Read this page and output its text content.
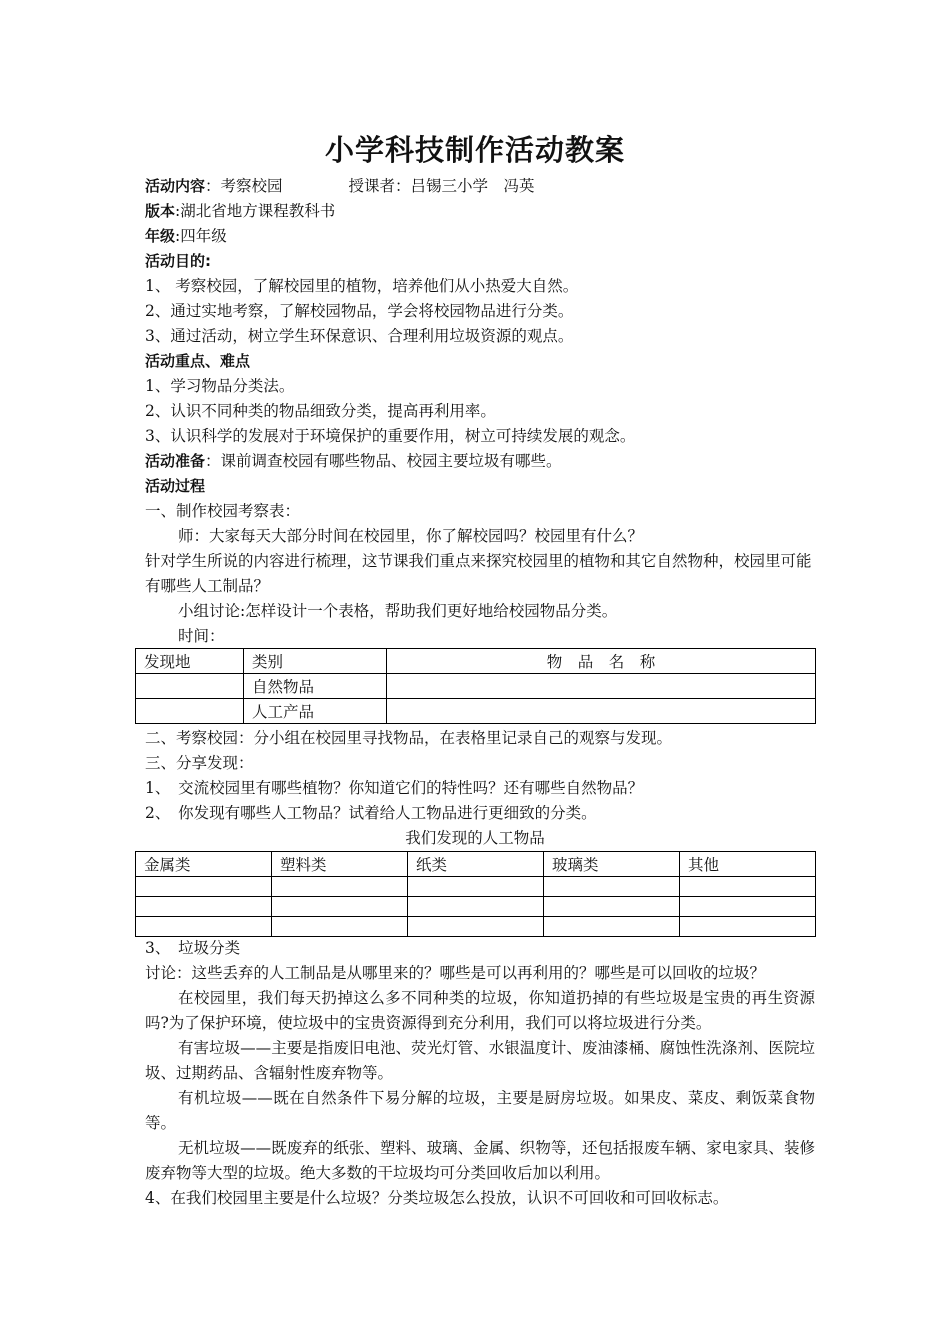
小学科技制作活动教案
活动内容：考察校园	授课者：吕锡三小学　冯英
版本:湖北省地方课程教科书
年级:四年级
活动目的:
1、 考察校园，了解校园里的植物，培养他们从小热爱大自然。
2、通过实地考察，了解校园物品，学会将校园物品进行分类。
3、通过活动，树立学生环保意识、合理利用垃圾资源的观点。
活动重点、难点
1、学习物品分类法。
2、认识不同种类的物品细致分类，提高再利用率。
3、认识科学的发展对于环境保护的重要作用，树立可持续发展的观念。
活动准备：课前调查校园有哪些物品、校园主要垃圾有哪些。
活动过程
一、制作校园考察表：
师：大家每天大部分时间在校园里，你了解校园吗？校园里有什么？
针对学生所说的内容进行梳理，这节课我们重点来探究校园里的植物和其它自然物种，校园里可能有哪些人工制品？
小组讨论:怎样设计一个表格，帮助我们更好地给校园物品分类。
时间：
发现地	类别	物　品　名　称
	自然物品	
	人工产品	
二、考察校园：分小组在校园里寻找物品，在表格里记录自己的观察与发现。
三、分享发现：
1、　交流校园里有哪些植物？你知道它们的特性吗？还有哪些自然物品？
2、　你发现有哪些人工物品？试着给人工物品进行更细致的分类。
我们发现的人工物品
金属类	塑料类	纸类	玻璃类	其他

3、　垃圾分类
讨论：这些丢弃的人工制品是从哪里来的？哪些是可以再利用的？哪些是可以回收的垃圾？
在校园里，我们每天扔掉这么多不同种类的垃圾，你知道扔掉的有些垃圾是宝贵的再生资源吗?为了保护环境，使垃圾中的宝贵资源得到充分利用，我们可以将垃圾进行分类。
有害垃圾——主要是指废旧电池、荧光灯管、水银温度计、废油漆桶、腐蚀性洗涤剂、医院垃圾、过期药品、含辐射性废弃物等。
有机垃圾——既在自然条件下易分解的垃圾，主要是厨房垃圾。如果皮、菜皮、剩饭菜食物等。
无机垃圾——既废弃的纸张、塑料、玻璃、金属、织物等，还包括报废车辆、家电家具、装修废弃物等大型的垃圾。绝大多数的干垃圾均可分类回收后加以利用。
4、在我们校园里主要是什么垃圾？分类垃圾怎么投放，认识不可回收和可回收标志。
